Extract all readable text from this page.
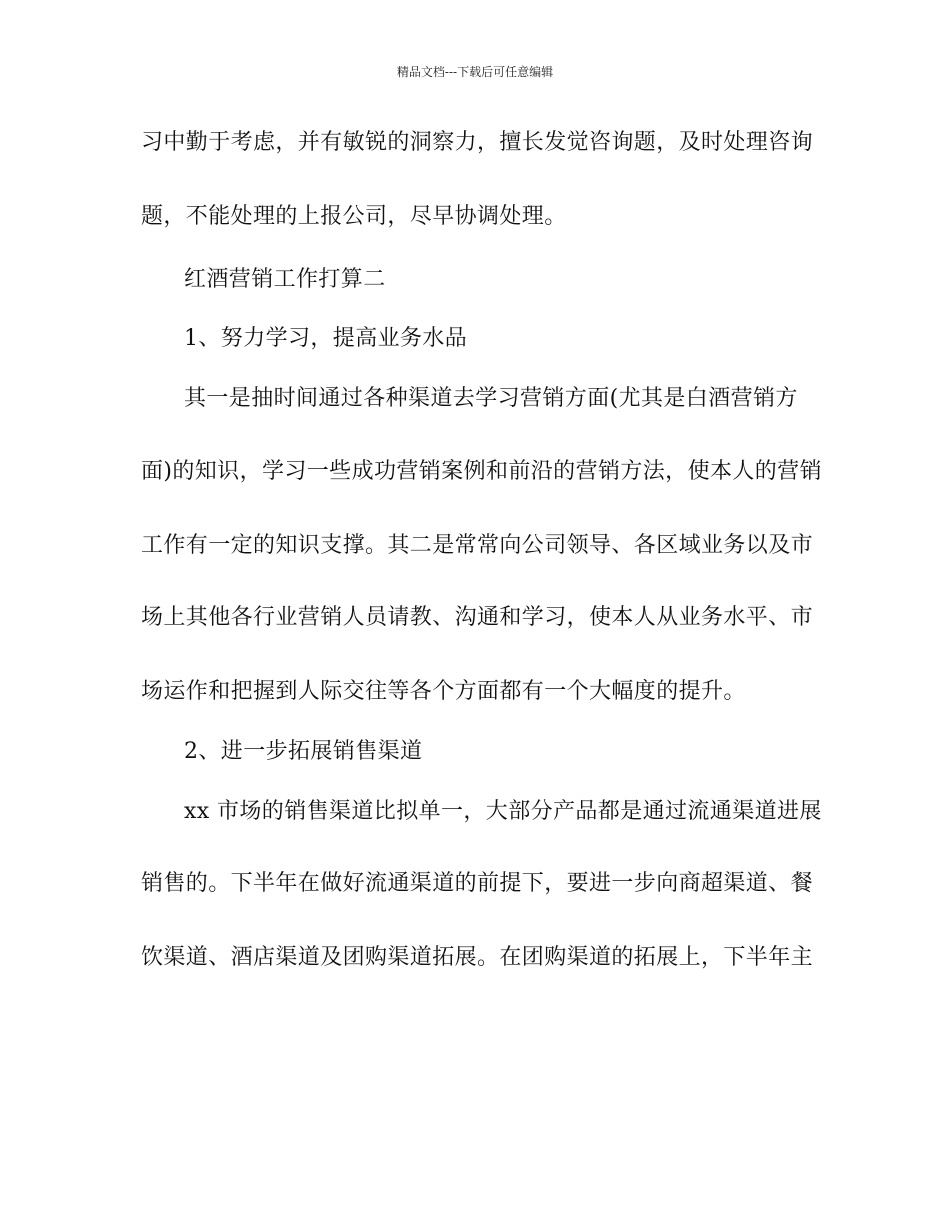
精品文档---下载后可任意编辑
习中勤于考虑，并有敏锐的洞察力，擅长发觉咨询题，及时处理咨询
题，不能处理的上报公司，尽早协调处理。
红酒营销工作打算二
1、努力学习，提高业务水品
其一是抽时间通过各种渠道去学习营销方面(尤其是白酒营销方
面)的知识，学习一些成功营销案例和前沿的营销方法，使本人的营销
工作有一定的知识支撑。其二是常常向公司领导、各区域业务以及市
场上其他各行业营销人员请教、沟通和学习，使本人从业务水平、市
场运作和把握到人际交往等各个方面都有一个大幅度的提升。
2、进一步拓展销售渠道
xx 市场的销售渠道比拟单一，大部分产品都是通过流通渠道进展
销售的。下半年在做好流通渠道的前提下，要进一步向商超渠道、餐
饮渠道、酒店渠道及团购渠道拓展。在团购渠道的拓展上，下半年主
